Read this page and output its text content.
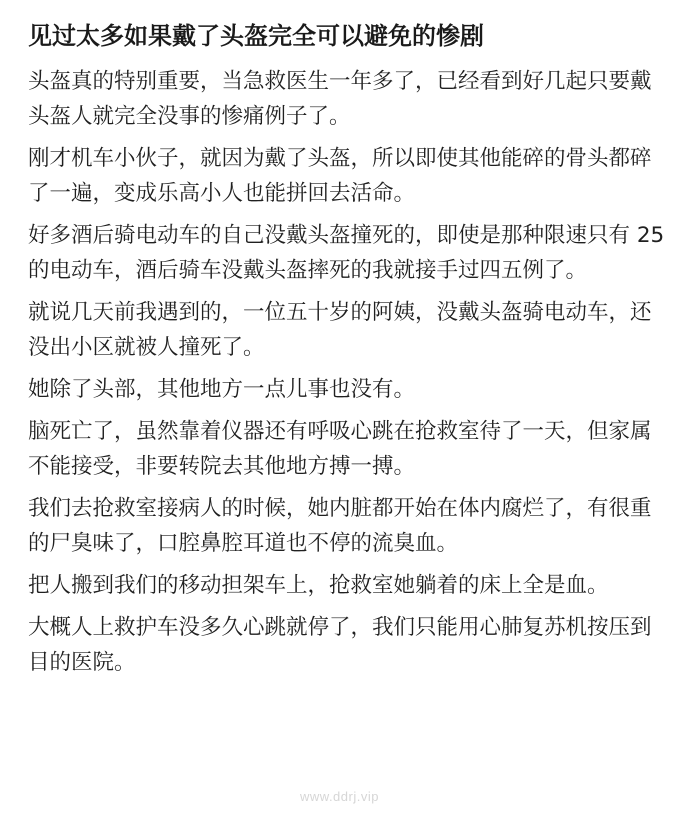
见过太多如果戴了头盔完全可以避免的惨剧

头盔真的特别重要，当急救医生一年多了，已经看到好几起只要戴头盔人就完全没事的惨痛例子了。

刚才机车小伙子，就因为戴了头盔，所以即使其他能碎的骨头都碎了一遍，变成乐高小人也能拼回去活命。

好多酒后骑电动车的自己没戴头盔撞死的，即使是那种限速只有 25 的电动车，酒后骑车没戴头盔摔死的我就接手过四五例了。

就说几天前我遇到的，一位五十岁的阿姨，没戴头盔骑电动车，还没出小区就被人撞死了。

她除了头部，其他地方一点儿事也没有。

脑死亡了，虽然靠着仪器还有呼吸心跳在抢救室待了一天，但家属不能接受，非要转院去其他地方搏一搏。

我们去抢救室接病人的时候，她内脏都开始在体内腐烂了，有很重的尸臭味了，口腔鼻腔耳道也不停的流臭血。

把人搬到我们的移动担架车上，抢救室她躺着的床上全是血。

大概人上救护车没多久心跳就停了，我们只能用心肺复苏机按压到目的医院。

www.ddrj.vip
